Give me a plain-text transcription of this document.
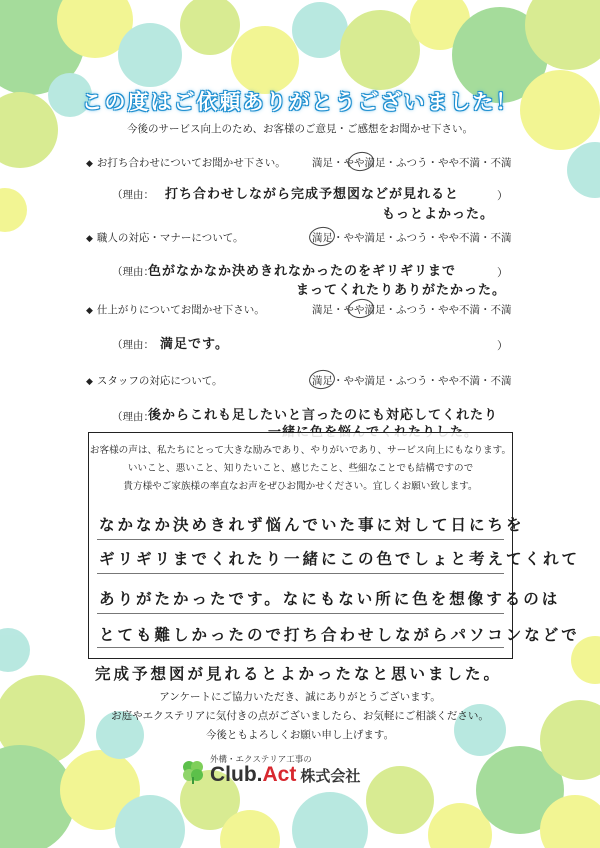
この度はご依頼ありがとうございました！
今後のサービス向上のため、お客様のご意見・ご感想をお聞かせ下さい。
◆ お打ち合わせについてお聞かせ下さい。	満足・やや満足・ふつう・やや不満・不満
（理由： 打ち合わせしながら完成予想図などが見れると
もっとよかった。
）
◆ 職人の対応・マナーについて。	満足・やや満足・ふつう・やや不満・不満
（理由：
色がなかなか決めきれなかったのをギリギリまで
まってくれたりありがたかった。
）
◆ 仕上がりについてお聞かせ下さい。	満足・やや満足・ふつう・やや不満・不満
（理由： 満足です。	）
◆ スタッフの対応について。	満足・やや満足・ふつう・やや不満・不満
（理由：
後からこれも足したいと言ったのにも対応してくれたり
お客様の声は、私たちにとって大きな励みであり、やりがいであり、サービス向上にもなります。
いいこと、悪いこと、知りたいこと、感じたこと、些細なことでも結構ですので
貴方様やご家族様の率直なお声をぜひお聞かせください。宜しくお願い致します。
なかなか決めきれず悩んでいた事に対して日にちを
ギリギリまでくれたり一緒にこの色でしょと考えてくれて
ありがたかったです。なにもない所に色を想像するのは
とても難しかったので打ち合わせしながらパソコンなどで
完成予想図が見れるとよかったなと思いました。
アンケートにご協力いただき、誠にありがとうございます。
お庭やエクステリアに気付きの点がございましたら、お気軽にご相談ください。
今後ともよろしくお願い申し上げます。
外構・エクステリア工事の
Club.Act 株式会社
